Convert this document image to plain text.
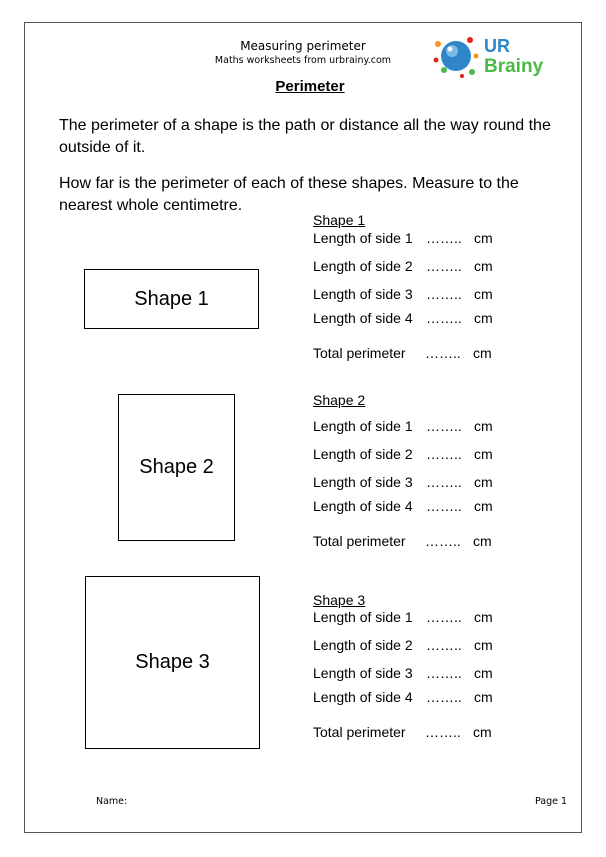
Measuring perimeter
Maths worksheets from urbrainy.com
UR
Brainy
Perimeter
The perimeter of a shape is the path or distance all the way round the outside of it.
How far is the perimeter of each of these shapes. Measure to the nearest whole centimetre.
Shape 1
Shape 2
Shape 3
Shape 1
Length of side 1 …….. cm
Length of side 2 …….. cm
Length of side 3 …….. cm
Length of side 4 …….. cm
Total perimeter …….. cm
Shape 2
Length of side 1 …….. cm
Length of side 2 …….. cm
Length of side 3 …….. cm
Length of side 4 …….. cm
Total perimeter …….. cm
Shape 3
Length of side 1 …….. cm
Length of side 2 …….. cm
Length of side 3 …….. cm
Length of side 4 …….. cm
Total perimeter …….. cm
Name:	Page 1
